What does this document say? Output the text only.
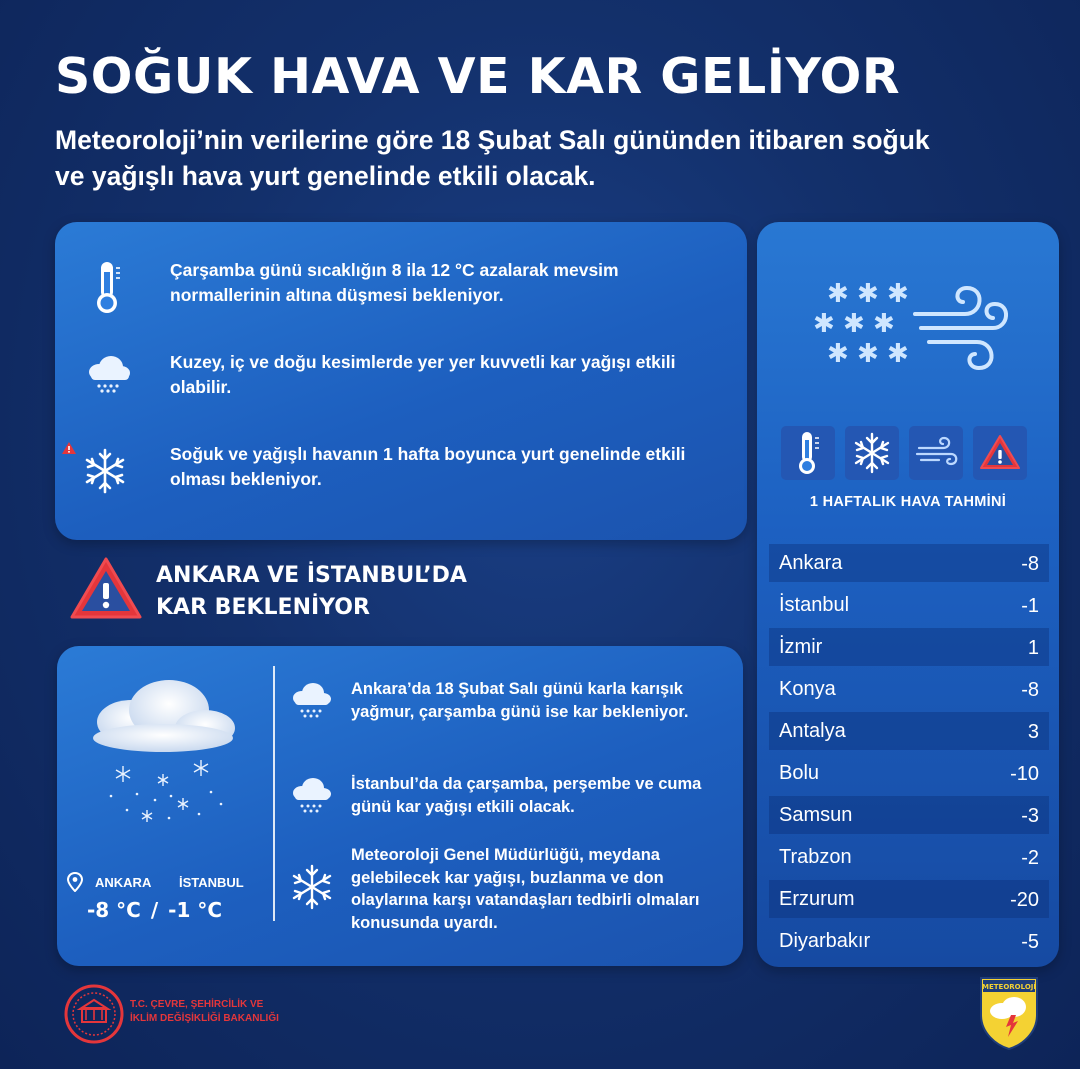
SOĞUK HAVA VE KAR GELİYOR
Meteoroloji’nin verilerine göre 18 Şubat Salı gününden itibaren soğuk ve yağışlı hava yurt genelinde etkili olacak.
Çarşamba günü sıcaklığın 8 ila 12 °C azalarak mevsim normallerinin altına düşmesi bekleniyor.
Kuzey, iç ve doğu kesimlerde yer yer kuvvetli kar yağışı etkili olabilir.
Soğuk ve yağışlı havanın 1 hafta boyunca yurt genelinde etkili olması bekleniyor.
ANKARA VE İSTANBUL’DA
KAR BEKLENİYOR
ANKARA İSTANBUL
-8 °C / -1 °C
Ankara’da 18 Şubat Salı günü karla karışık yağmur, çarşamba günü ise kar bekleniyor.
İstanbul’da da çarşamba, perşembe ve cuma günü kar yağışı etkili olacak.
Meteoroloji Genel Müdürlüğü, meydana gelebilecek kar yağışı, buzlanma ve don olaylarına karşı vatandaşları tedbirli olmaları konusunda uyardı.
✱ ✱ ✱
✱ ✱ ✱
✱ ✱ ✱
1 HAFTALIK HAVA TAHMİNİ
Ankara	-8
İstanbul	-1
İzmir	1
Konya	-8
Antalya	3
Bolu	-10
Samsun	-3
Trabzon	-2
Erzurum	-20
Diyarbakır	-5
T.C. ÇEVRE, ŞEHİRCİLİK VE
İKLİM DEĞİŞİKLİĞİ BAKANLIĞI
METEOROLOJİ
